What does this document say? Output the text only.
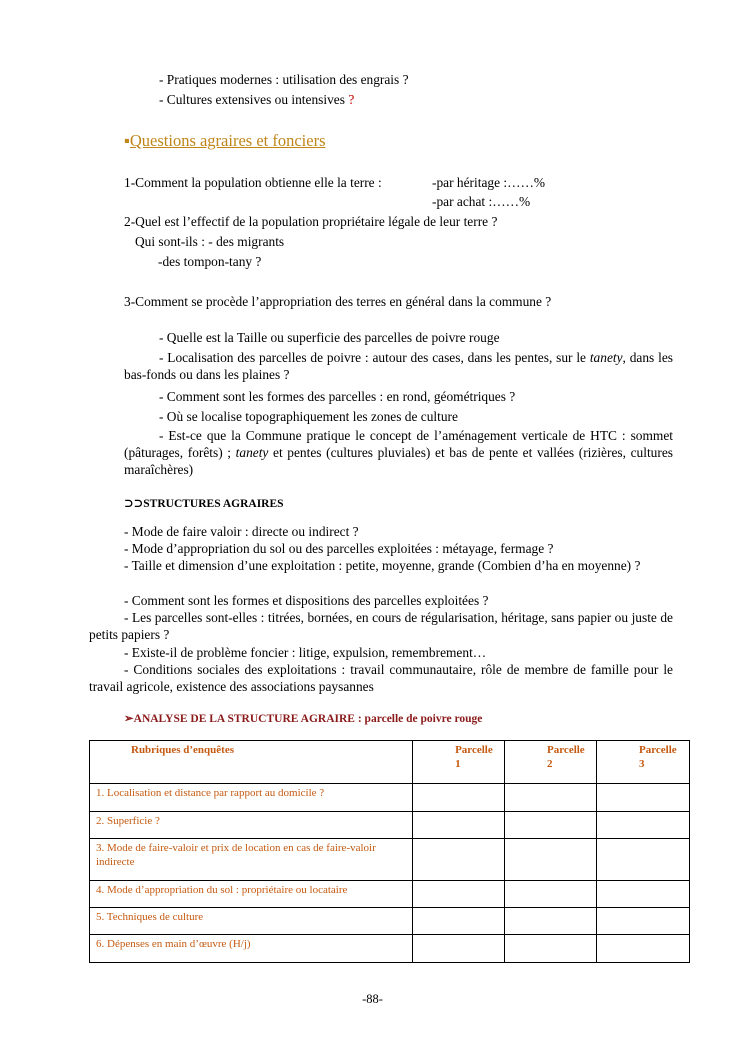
- Pratiques modernes : utilisation des engrais ?
- Cultures extensives ou intensives ?
▪Questions agraires et fonciers
1-Comment la population obtienne elle la terre :	-par héritage :……%
-par achat :……%
2-Quel est l’effectif de la population propriétaire légale de leur terre ?
Qui sont-ils : - des migrants
-des tompon-tany ?
3-Comment se procède l’appropriation des terres en général dans la commune ?
- Quelle est la Taille ou superficie des parcelles de poivre rouge
- Localisation des parcelles de poivre : autour des cases, dans les pentes, sur le tanety, dans les bas-fonds ou dans les plaines ?
- Comment sont les formes des parcelles : en rond, géométriques ?
- Où se localise topographiquement les zones de culture
- Est-ce que la Commune pratique le concept de l’aménagement verticale de HTC : sommet (pâturages, forêts) ; tanety et pentes (cultures pluviales) et bas de pente et vallées (rizières, cultures maraîchères)
⊃⊃STRUCTURES AGRAIRES
- Mode de faire valoir : directe ou indirect ?
- Mode d’appropriation du sol ou des parcelles exploitées : métayage, fermage ?
- Taille et dimension d’une exploitation : petite, moyenne, grande (Combien d’ha en moyenne) ?
- Comment sont les formes et dispositions des parcelles exploitées ?
- Les parcelles sont-elles : titrées, bornées, en cours de régularisation, héritage, sans papier ou juste de petits papiers ?
- Existe-il de problème foncier : litige, expulsion, remembrement…
- Conditions sociales des exploitations : travail communautaire, rôle de membre de famille pour le travail agricole, existence des associations paysannes
➢ANALYSE DE LA STRUCTURE AGRAIRE : parcelle de poivre rouge
Rubriques d’enquêtes	Parcelle 1	Parcelle 2	Parcelle 3
1. Localisation et distance par rapport au domicile ?			
2. Superficie ?			
3. Mode de faire-valoir et prix de location en cas de faire-valoir indirecte			
4. Mode d’appropriation du sol : propriétaire ou locataire			
5. Techniques de culture			
6. Dépenses en main d’œuvre (H/j)			
-88-
